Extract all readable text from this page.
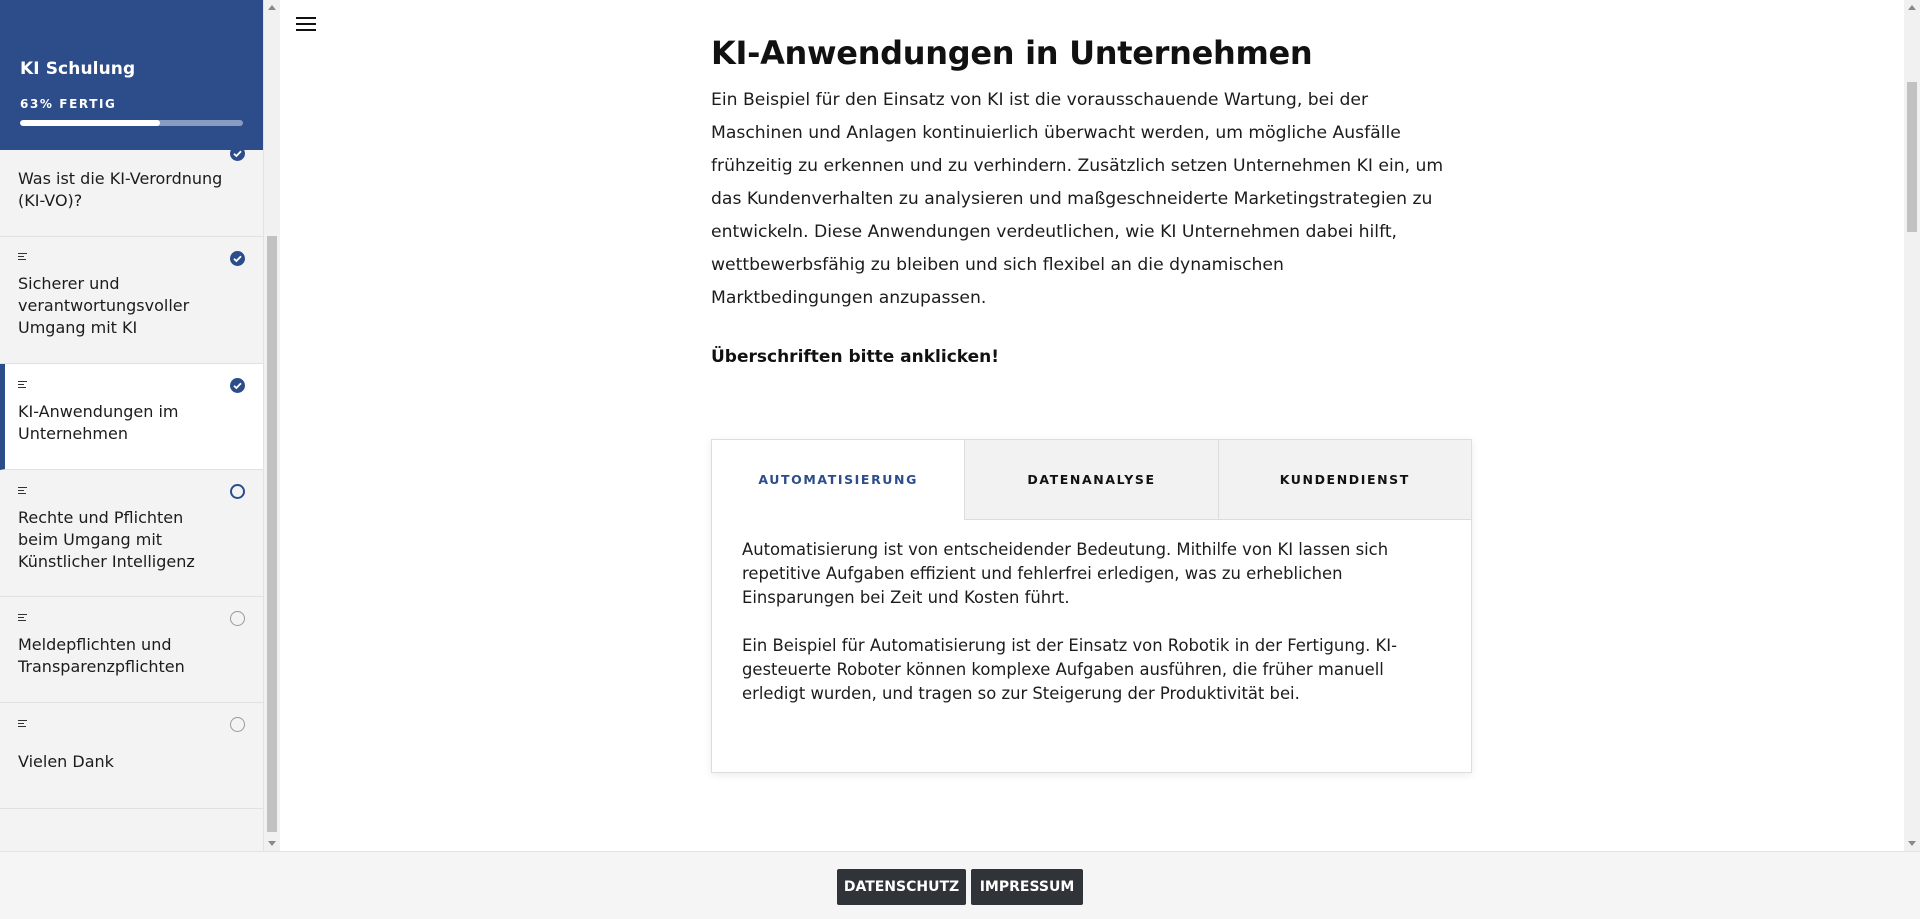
Was ist die KI-Verordnung (KI-VO)?
Sicherer und verantwortungsvoller Umgang mit KI
KI-Anwendungen im Unternehmen
Rechte und Pflichten beim Umgang mit Künstlicher Intelligenz
Meldepflichten und Transparenzpflichten
Vielen Dank
KI Schulung
63% FERTIG
KI-Anwendungen in Unternehmen

Ein Beispiel für den Einsatz von KI ist die vorausschauende Wartung, bei der Maschinen und Anlagen kontinuierlich überwacht werden, um mögliche Ausfälle frühzeitig zu erkennen und zu verhindern. Zusätzlich setzen Unternehmen KI ein, um das Kundenverhalten zu analysieren und maßgeschneiderte Marketingstrategien zu entwickeln. Diese Anwendungen verdeutlichen, wie KI Unternehmen dabei hilft, wettbewerbsfähig zu bleiben und sich flexibel an die dynamischen Marktbedingungen anzupassen.

Überschriften bitte anklicken!

AUTOMATISIERUNG	DATENANALYSE	KUNDENDIENST

Automatisierung ist von entscheidender Bedeutung. Mithilfe von KI lassen sich repetitive Aufgaben effizient und fehlerfrei erledigen, was zu erheblichen Einsparungen bei Zeit und Kosten führt.

Ein Beispiel für Automatisierung ist der Einsatz von Robotik in der Fertigung. KI-gesteuerte Roboter können komplexe Aufgaben ausführen, die früher manuell erledigt wurden, und tragen so zur Steigerung der Produktivität bei.

DATENSCHUTZ	IMPRESSUM
